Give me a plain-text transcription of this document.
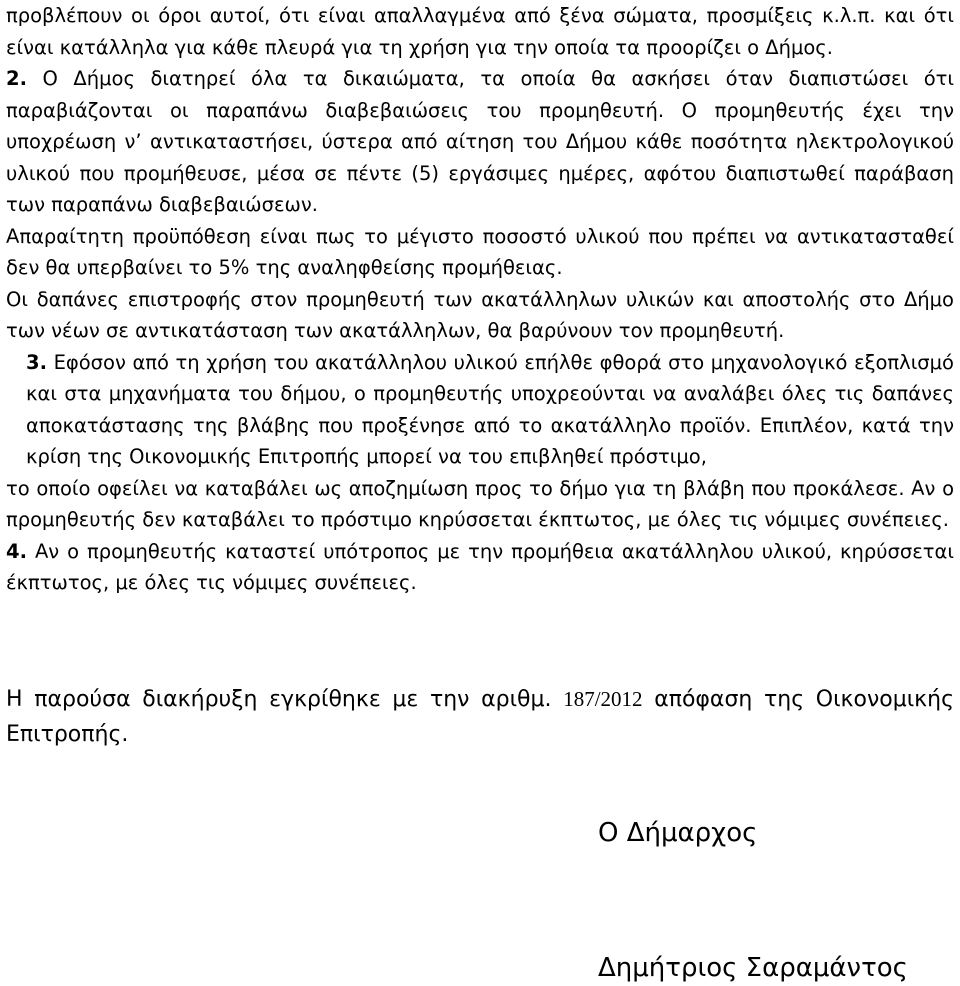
προβλέπουν οι όροι αυτοί, ότι είναι απαλλαγμένα από ξένα σώματα, προσμίξεις κ.λ.π. και ότι είναι κατάλληλα για κάθε πλευρά για τη χρήση για την οποία τα προορίζει ο Δήμος.

2. Ο Δήμος διατηρεί όλα τα δικαιώματα, τα οποία θα ασκήσει όταν διαπιστώσει ότι παραβιάζονται οι παραπάνω διαβεβαιώσεις του προμηθευτή. Ο προμηθευτής έχει την υποχρέωση ν’ αντικαταστήσει, ύστερα από αίτηση του Δήμου κάθε ποσότητα ηλεκτρολογικού υλικού που προμήθευσε, μέσα σε πέντε (5) εργάσιμες ημέρες, αφότου διαπιστωθεί παράβαση των παραπάνω διαβεβαιώσεων.

Απαραίτητη προϋπόθεση είναι πως το μέγιστο ποσοστό υλικού που πρέπει να αντικατασταθεί δεν θα υπερβαίνει το 5% της αναληφθείσης προμήθειας.

Οι δαπάνες επιστροφής στον προμηθευτή των ακατάλληλων υλικών και αποστολής στο Δήμο των νέων σε αντικατάσταση των ακατάλληλων, θα βαρύνουν τον προμηθευτή.

3. Εφόσον από τη χρήση του ακατάλληλου υλικού επήλθε φθορά στο μηχανολογικό εξοπλισμό και στα μηχανήματα του δήμου, ο προμηθευτής υποχρεούνται να αναλάβει όλες τις δαπάνες αποκατάστασης της βλάβης που προξένησε από το ακατάλληλο προϊόν. Επιπλέον, κατά την κρίση της Οικονομικής Επιτροπής μπορεί να του επιβληθεί πρόστιμο,

το οποίο οφείλει να καταβάλει ως αποζημίωση προς το δήμο για τη βλάβη που προκάλεσε. Αν ο προμηθευτής δεν καταβάλει το πρόστιμο κηρύσσεται έκπτωτος, με όλες τις νόμιμες συνέπειες.

4. Αν ο προμηθευτής καταστεί υπότροπος με την προμήθεια ακατάλληλου υλικού, κηρύσσεται έκπτωτος, με όλες τις νόμιμες συνέπειες.

Η παρούσα διακήρυξη εγκρίθηκε με την αριθμ. 187/2012 απόφαση της Οικονομικής Επιτροπής.

Ο Δήμαρχος

Δημήτριος Σαραμάντος
